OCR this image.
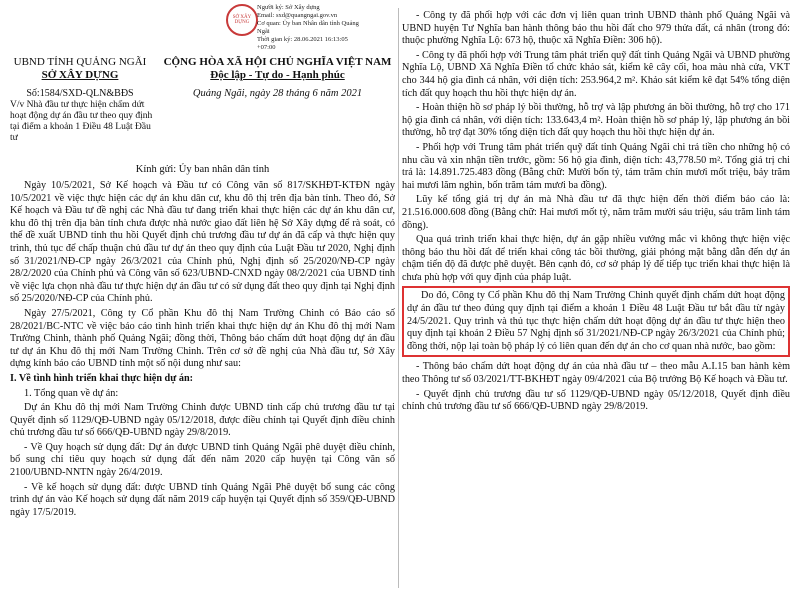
UBND TỈNH QUẢNG NGÃI
SỞ XÂY DỰNG
CỘNG HÒA XÃ HỘI CHỦ NGHĨA VIỆT NAM
Độc lập - Tự do - Hạnh phúc
Số:1584/SXD-QLN&BĐS	Quảng Ngãi, ngày 28 tháng 6 năm 2021
V/v Nhà đầu tư thực hiện chấm dứt hoạt động dự án đầu tư theo quy định tại điểm a khoản 1 Điều 48 Luật Đầu tư
Kính gửi: Ủy ban nhân dân tỉnh
SỞ XÂY DỰNG
Người ký: Sở Xây dựng
Email: sxd@quangngai.gov.vn
Cơ quan: Ủy ban Nhân dân tỉnh Quảng
Ngãi
Thời gian ký: 28.06.2021 16:13:05
+07:00

Ngày 10/5/2021, Sở Kế hoạch và Đầu tư có Công văn số 817/SKHĐT-KTĐN ngày 10/5/2021 về việc thực hiện các dự án khu dân cư, khu đô thị trên địa bàn tỉnh. Theo đó, Sở Kế hoạch và Đầu tư đề nghị các Nhà đầu tư đang triển khai thực hiện các dự án khu dân cư, khu đô thị trên địa bàn tỉnh chưa được nhà nước giao đất liên hệ Sở Xây dựng để rà soát, có thể đề xuất UBND tỉnh thu hồi Quyết định chủ trương đầu tư dự án đã cấp và thực hiện quy trình, thủ tục để chấp thuận chủ đầu tư dự án theo quy định của Luật Đầu tư 2020, Nghị định số 31/2021/NĐ-CP ngày 26/3/2021 của Chính phủ, Nghị định số 25/2020/NĐ-CP ngày 28/2/2020 của Chính phủ và Công văn số 623/UBND-CNXD ngày 08/2/2021 của UBND tỉnh về việc lựa chọn nhà đầu tư thực hiện dự án đầu tư có sử dụng đất theo quy định tại Nghị định số 25/2020/NĐ-CP của Chính phủ.

Ngày 27/5/2021, Công ty Cổ phần Khu đô thị Nam Trường Chinh có Báo cáo số 28/2021/BC-NTC về việc báo cáo tình hình triển khai thực hiện dự án Khu đô thị mới Nam Trường Chinh, thành phố Quảng Ngãi; đồng thời, Thông báo chấm dứt hoạt động dự án đầu tư dự án Khu đô thị mới Nam Trường Chinh. Trên cơ sở đề nghị của Nhà đầu tư, Sở Xây dựng kính báo cáo UBND tỉnh một số nội dung như sau:

I. Về tình hình triển khai thực hiện dự án:

1. Tổng quan về dự án:

Dự án Khu đô thị mới Nam Trường Chinh được UBND tỉnh cấp chủ trương đầu tư tại Quyết định số 1129/QĐ-UBND ngày 05/12/2018, được điều chỉnh tại Quyết định điều chỉnh chủ trương đầu tư số 666/QĐ-UBND ngày 29/8/2019.

- Về Quy hoạch sử dụng đất: Dự án được UBND tỉnh Quảng Ngãi phê duyệt điều chỉnh, bổ sung chỉ tiêu quy hoạch sử dụng đất đến năm 2020 cấp huyện tại Công văn số 2100/UBND-NNTN ngày 26/4/2019.

- Về kế hoạch sử dụng đất: được UBND tỉnh Quảng Ngãi Phê duyệt bổ sung các công trình dự án vào Kế hoạch sử dụng đất năm 2019 cấp huyện tại Quyết định số 359/QĐ-UBND ngày 17/5/2019.

- Công ty đã phối hợp với các đơn vị liên quan trình UBND thành phố Quảng Ngãi và UBND huyện Tư Nghĩa ban hành thông báo thu hồi đất cho 979 thửa đất, cá nhân (trong đó: thuộc phường Nghĩa Lộ: 673 hộ, thuộc xã Nghĩa Điền: 306 hộ).

- Công ty đã phối hợp với Trung tâm phát triển quỹ đất tỉnh Quảng Ngãi và UBND phường Nghĩa Lộ, UBND Xã Nghĩa Điền tổ chức khảo sát, kiểm kê cây cối, hoa màu nhà cửa, VKT cho 344 hộ gia đình cá nhân, với diện tích: 253.964,2 m². Khảo sát kiểm kê đạt 54% tổng diện tích đất quy hoạch thu hồi thực hiện dự án.

- Hoàn thiện hồ sơ pháp lý bồi thường, hỗ trợ và lập phương án bồi thường, hỗ trợ cho 171 hộ gia đình cá nhân, với diện tích: 133.643,4 m². Hoàn thiện hồ sơ pháp lý, lập phương án bồi thường, hỗ trợ đạt 30% tổng diện tích đất quy hoạch thu hồi thực hiện dự án.

- Phối hợp với Trung tâm phát triển quỹ đất tỉnh Quảng Ngãi chi trả tiền cho những hộ có nhu cầu và xin nhận tiền trước, gồm: 56 hộ gia đình, diện tích: 43,778.50 m². Tổng giá trị chi trả là: 14.891.725.483 đồng (Bằng chữ: Mười bốn tỷ, tám trăm chín mươi mốt triệu, bảy trăm hai mươi lăm nghìn, bốn trăm tám mươi ba đồng).

Lũy kế tổng giá trị dự án mà Nhà đầu tư đã thực hiện đến thời điểm báo cáo là: 21.516.000.608 đồng (Bằng chữ: Hai mươi mốt tỷ, năm trăm mười sáu triệu, sáu trăm linh tám đồng).

Qua quá trình triển khai thực hiện, dự án gặp nhiều vướng mắc vì không thực hiện việc thông báo thu hồi đất để triển khai công tác bồi thường, giải phóng mặt bằng dẫn đến dự án chậm tiến độ đã được phê duyệt. Bên cạnh đó, cơ sở pháp lý để tiếp tục triển khai thực hiện là chưa phù hợp với quy định của pháp luật.

Do đó, Công ty Cổ phần Khu đô thị Nam Trường Chinh quyết định chấm dứt hoạt động dự án đầu tư theo đúng quy định tại điểm a khoản 1 Điều 48 Luật Đầu tư bắt đầu từ ngày 24/5/2021. Quy trình và thủ tục thực hiện chấm dứt hoạt động dự án đầu tư thực hiện theo quy định tại khoản 2 Điều 57 Nghị định số 31/2021/NĐ-CP ngày 26/3/2021 của Chính phủ; đồng thời, nộp lại toàn bộ pháp lý có liên quan đến dự án cho cơ quan nhà nước, bao gồm:

- Thông báo chấm dứt hoạt động dự án của nhà đầu tư – theo mẫu A.I.15 ban hành kèm theo Thông tư số 03/2021/TT-BKHĐT ngày 09/4/2021 của Bộ trưởng Bộ Kế hoạch và Đầu tư.

- Quyết định chủ trương đầu tư số 1129/QĐ-UBND ngày 05/12/2018, Quyết định điều chỉnh chủ trương đầu tư số 666/QĐ-UBND ngày 29/8/2019.
